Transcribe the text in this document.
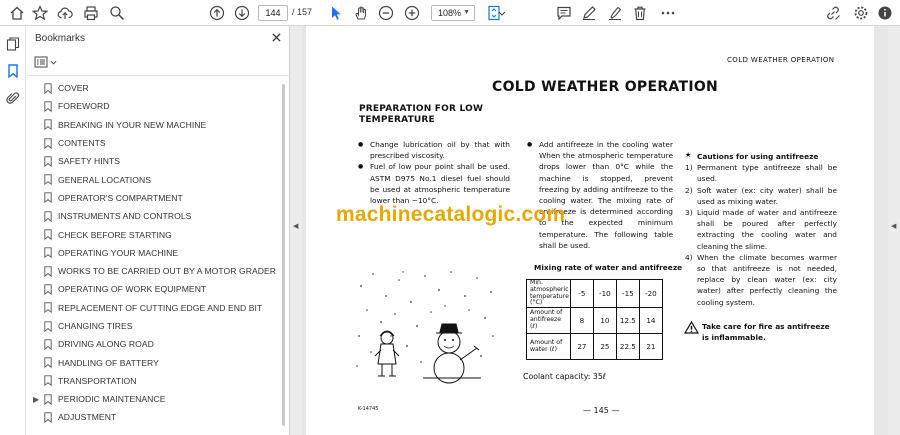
144	/ 157	108% ▼
Bookmarks
COVER
FOREWORD
BREAKING IN YOUR NEW MACHINE
CONTENTS
SAFETY HINTS
GENERAL LOCATIONS
OPERATOR'S COMPARTMENT
INSTRUMENTS AND CONTROLS
CHECK BEFORE STARTING
OPERATING YOUR MACHINE
WORKS TO BE CARRIED OUT BY A MOTOR GRADER
OPERATING OF WORK EQUIPMENT
REPLACEMENT OF CUTTING EDGE AND END BIT
CHANGING TIRES
DRIVING ALONG ROAD
HANDLING OF BATTERY
TRANSPORTATION
▶ PERIODIC MAINTENANCE
ADJUSTMENT
◀
COLD WEATHER OPERATION
COLD WEATHER OPERATION
PREPARATION FOR LOW TEMPERATURE
● Change lubrication oil by that with prescribed viscosity.
● Fuel of low pour point shall be used. ASTM D975 No.1 diesel fuel should be used at atmospheric temperature lower than −10°C.
● Add antifreeze in the cooling water When the atmospheric temperature drops lower than 0°C while the machine is stopped, prevent freezing by adding antifreeze to the cooling water. The mixing rate of antifreeze is determined according to the expected minimum temperature. The following table shall be used.
★ Cautions for using antifreeze
1) Permanent type antifreeze shall be used.
2) Soft water (ex: city water) shall be used as mixing water.
3) Liquid made of water and antifreeze shall be poured after perfectly extracting the cooling water and cleaning the slime.
4) When the climate becomes warmer so that antifreeze is not needed, replace by clean water (ex: city water) after perfectly cleaning the cooling system.
Take care for fire as antifreeze is inflammable.
machinecatalogic.com
Mixing rate of water and antifreeze
Min. atmospheric temperature (°C)	-5	-10	-15	-20
Amount of antifreeze (ℓ)	8	10	12.5	14
Amount of water (ℓ)	27	25	22.5	21
Coolant capacity: 35ℓ
K-14745	— 145 —
◀
